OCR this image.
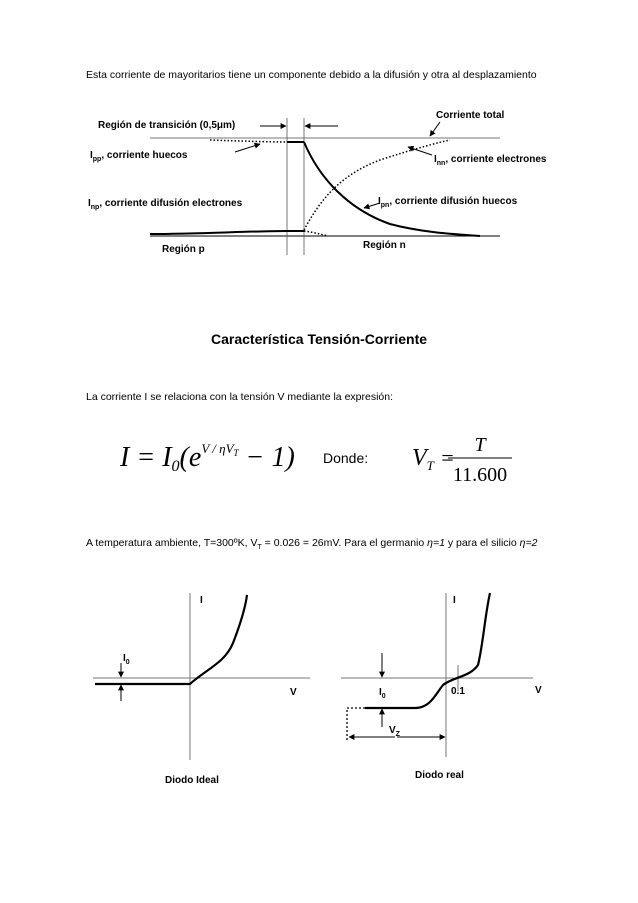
Esta corriente de mayoritarios tiene un componente debido a la difusión y otra al desplazamiento
Región de transición (0,5μm)
Corriente total
$I_{pp}$, corriente huecos	$I_{nn}$, corriente electrones
$I_{np}$, corriente difusión electrones	$I_{pn}$, corriente difusión huecos
Región p	Región n
Característica Tensión-Corriente
La corriente I se relaciona con la tensión V mediante la expresión:
$I = I0(e^{V / \eta V}T - 1)$ Donde: $V_T = T$
11.600
A temperatura ambiente, T=300ºK, $V_T = 0.026 = 26mV$. Para el germanio η=1 y para el silicio η=2
I
V
$I_0$
Diodo Ideal
I
V
0.1
$I_0$
$V_Z$
Diodo real
